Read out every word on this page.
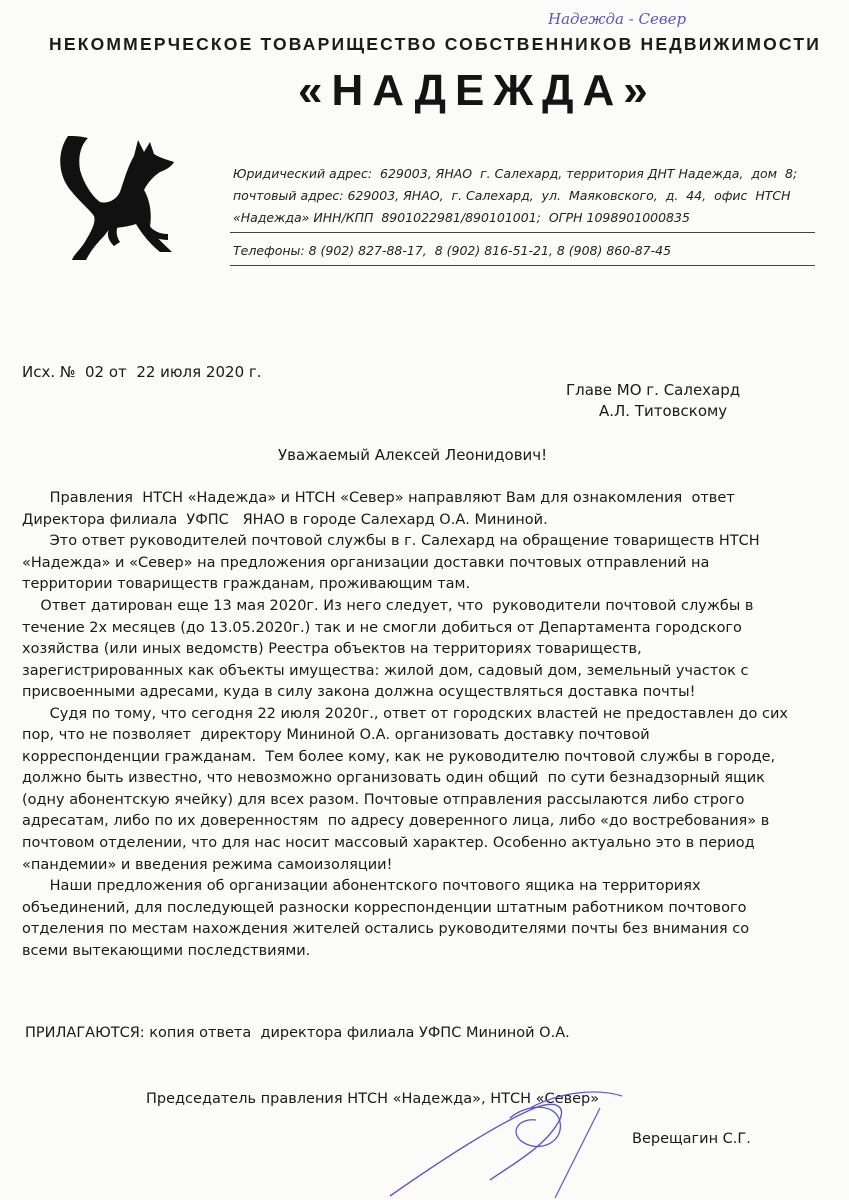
Надежда - Север
НЕКОММЕРЧЕСКОЕ ТОВАРИЩЕСТВО СОБСТВЕННИКОВ НЕДВИЖИМОСТИ
«НАДЕЖДА»
Юридический адрес:  629003, ЯНАО  г. Салехард, территория ДНТ Надежда,  дом  8;
почтовый адрес: 629003, ЯНАО,  г. Салехард,  ул.  Маяковского,  д.  44,  офис  НТСН
«Надежда» ИНН/КПП  8901022981/890101001;  ОГРН 1098901000835
Телефоны: 8 (902) 827-88-17,  8 (902) 816-51-21, 8 (908) 860-87-45
Исх. №  02 от  22 июля 2020 г.
Главе МО г. Салехард
А.Л. Титовскому
Уважаемый Алексей Леонидович!
Правления  НТСН «Надежда» и НТСН «Север» направляют Вам для ознакомления  ответ
Директора филиала  УФПС   ЯНАО в городе Салехард О.А. Мининой.
Это ответ руководителей почтовой службы в г. Салехард на обращение товариществ НТСН
«Надежда» и «Север» на предложения организации доставки почтовых отправлений на
территории товариществ гражданам, проживающим там.
Ответ датирован еще 13 мая 2020г. Из него следует, что  руководители почтовой службы в
течение 2х месяцев (до 13.05.2020г.) так и не смогли добиться от Департамента городского
хозяйства (или иных ведомств) Реестра объектов на территориях товариществ,
зарегистрированных как объекты имущества: жилой дом, садовый дом, земельный участок с
присвоенными адресами, куда в силу закона должна осуществляться доставка почты!
Судя по тому, что сегодня 22 июля 2020г., ответ от городских властей не предоставлен до сих
пор, что не позволяет  директору Мининой О.А. организовать доставку почтовой
корреспонденции гражданам.  Тем более кому, как не руководителю почтовой службы в городе,
должно быть известно, что невозможно организовать один общий  по сути безнадзорный ящик
(одну абонентскую ячейку) для всех разом. Почтовые отправления рассылаются либо строго
адресатам, либо по их доверенностям  по адресу доверенного лица, либо «до востребования» в
почтовом отделении, что для нас носит массовый характер. Особенно актуально это в период
«пандемии» и введения режима самоизоляции!
Наши предложения об организации абонентского почтового ящика на территориях
объединений, для последующей разноски корреспонденции штатным работником почтового
отделения по местам нахождения жителей остались руководителями почты без внимания со
всеми вытекающими последствиями.
ПРИЛАГАЮТСЯ: копия ответа  директора филиала УФПС Мининой О.А.
Председатель правления НТСН «Надежда», НТСН «Север»
Верещагин С.Г.
